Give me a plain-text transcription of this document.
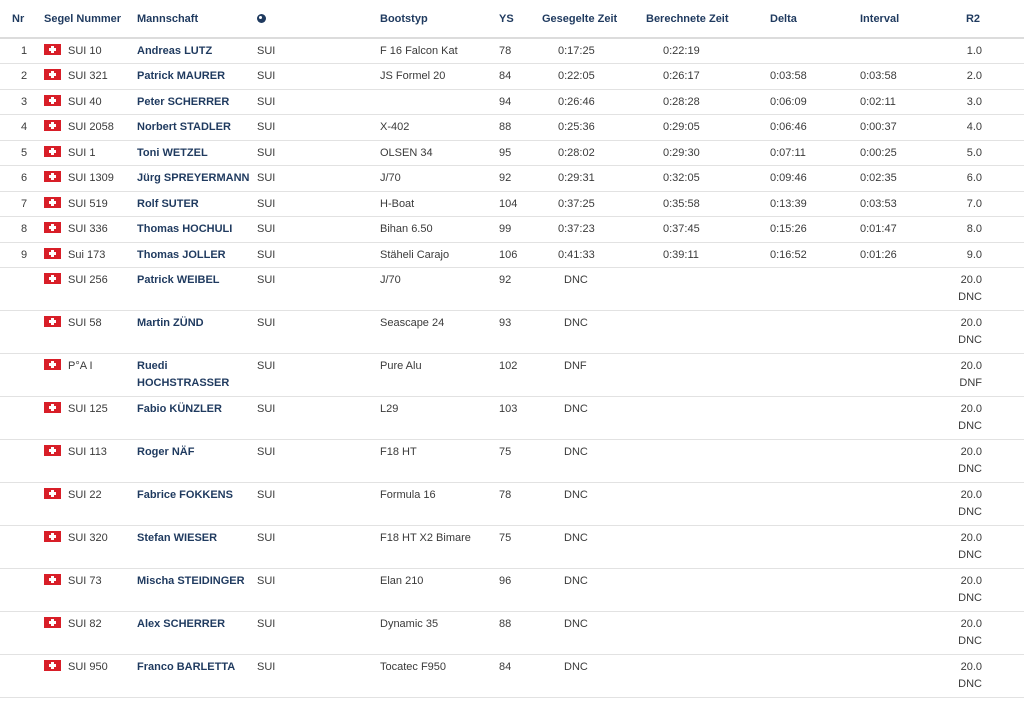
Nr	Segel Nummer	Mannschaft		Bootstyp	YS	Gesegelte Zeit	Berechnete Zeit	Delta	Interval	R2
1	SUI 10	Andreas LUTZ	SUI	F 16 Falcon Kat	78	0:17:25	0:22:19			1.0

2	SUI 321	Patrick MAURER	SUI	JS Formel 20	84	0:22:05	0:26:17	0:03:58	0:03:58	2.0

3	SUI 40	Peter SCHERRER	SUI		94	0:26:46	0:28:28	0:06:09	0:02:11	3.0

4	SUI 2058	Norbert STADLER	SUI	X-402	88	0:25:36	0:29:05	0:06:46	0:00:37	4.0

5	SUI 1	Toni WETZEL	SUI	OLSEN 34	95	0:28:02	0:29:30	0:07:11	0:00:25	5.0

6	SUI 1309	Jürg SPREYERMANN	SUI	J/70	92	0:29:31	0:32:05	0:09:46	0:02:35	6.0

7	SUI 519	Rolf SUTER	SUI	H-Boat	104	0:37:25	0:35:58	0:13:39	0:03:53	7.0

8	SUI 336	Thomas HOCHULI	SUI	Bihan 6.50	99	0:37:23	0:37:45	0:15:26	0:01:47	8.0

9	Sui 173	Thomas JOLLER	SUI	Stäheli Carajo	106	0:41:33	0:39:11	0:16:52	0:01:26	9.0

	SUI 256	Patrick WEIBEL	SUI	J/70	92	DNC				20.0
DNC

	SUI 58	Martin ZÜND	SUI	Seascape 24	93	DNC				20.0
DNC

	P°A I	Ruedi HOCHSTRASSER	SUI	Pure Alu	102	DNF				20.0
DNF

	SUI 125	Fabio KÜNZLER	SUI	L29	103	DNC				20.0
DNC

	SUI 113	Roger NÄF	SUI	F18 HT	75	DNC				20.0
DNC

	SUI 22	Fabrice FOKKENS	SUI	Formula 16	78	DNC				20.0
DNC

	SUI 320	Stefan WIESER	SUI	F18 HT X2 Bimare	75	DNC				20.0
DNC

	SUI 73	Mischa STEIDINGER	SUI	Elan 210	96	DNC				20.0
DNC

	SUI 82	Alex SCHERRER	SUI	Dynamic 35	88	DNC				20.0
DNC

	SUI 950	Franco BARLETTA	SUI	Tocatec F950	84	DNC				20.0
DNC
